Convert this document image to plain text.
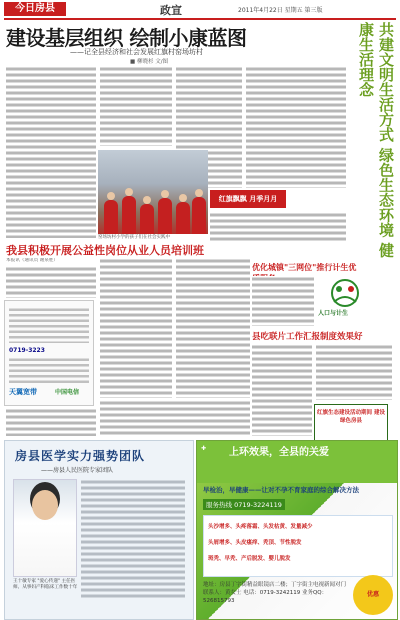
今日房县	政宣	2011年4月22日 星期五 第三版
建设基层组织 绘制小康蓝图
——记全县经济和社会发展红旗村窑场坊村
■ 柳晓杉 文/图	共建文明生活方式 绿色生态环境 健康生活理念
窑场坊村小学的孩子们在社会实践中
红旗飘飘 月季月月
我县积极开展公益性岗位从业人员培训班
本报讯（通讯员 谢泉胜）
0719-3223
天翼宽带	中国电信
优化城镇"三网位"推行计生优
人口与计生
县吃联片工作汇报制度效果好
红旗生态建设活动期间 建设绿色房县
房县医学实力强势团队
——房县人民医院专家团队
王十敏专家 "爱心传递" 主任医师、从事妇产科临床工作数十年
✚ 上环效果，全县的关爱
早检治，早健康——让对不孕不育家庭的综合解决方法
服务热线 0719-3224119
头沙增多、头疼落霜、头发枯黄、发量减少
头屑增多、头皮瘙痒、秃顶、节性脱发
斑秃、早秃、产后脱发、婴儿脱发
地址：房县丁字街精益眼镜店二楼；丁字街主电视新闻对门
联系人：黄女士 电话：0719-3242119 业务QQ：526815793
优惠
